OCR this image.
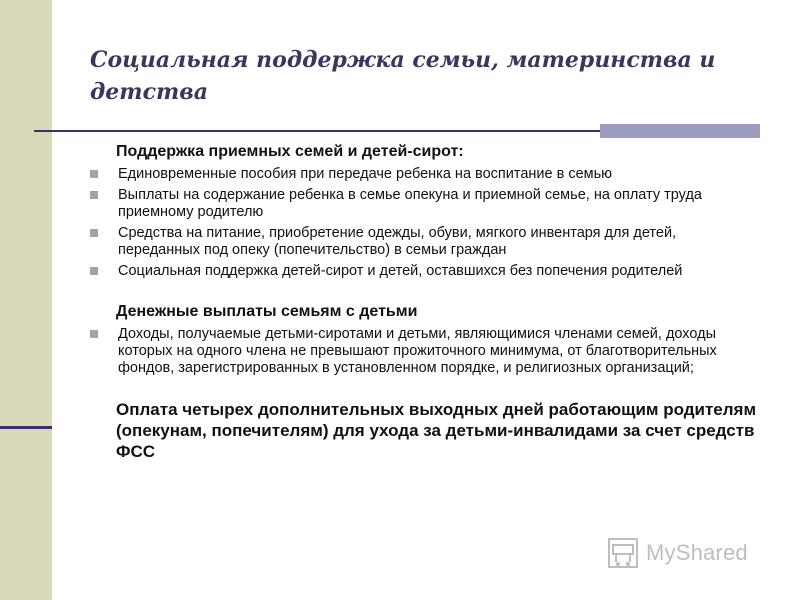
Социальная поддержка семьи, материнства и детства
Поддержка приемных семей и детей-сирот:
Единовременные пособия при передаче ребенка на воспитание в семью
Выплаты на содержание ребенка в семье опекуна и приемной семье, на оплату труда приемному родителю
Средства на питание, приобретение одежды, обуви, мягкого инвентаря для детей, переданных под опеку (попечительство) в семьи граждан
Социальная поддержка детей-сирот и детей, оставшихся без попечения родителей
Денежные выплаты семьям с детьми
Доходы, получаемые детьми-сиротами и детьми, являющимися членами семей, доходы которых на одного члена не превышают прожиточного минимума, от благотворительных фондов, зарегистрированных в установленном порядке, и религиозных организаций;
Оплата четырех дополнительных выходных дней работающим родителям (опекунам, попечителям) для ухода за детьми-инвалидами за счет средств ФСС
MyShared
